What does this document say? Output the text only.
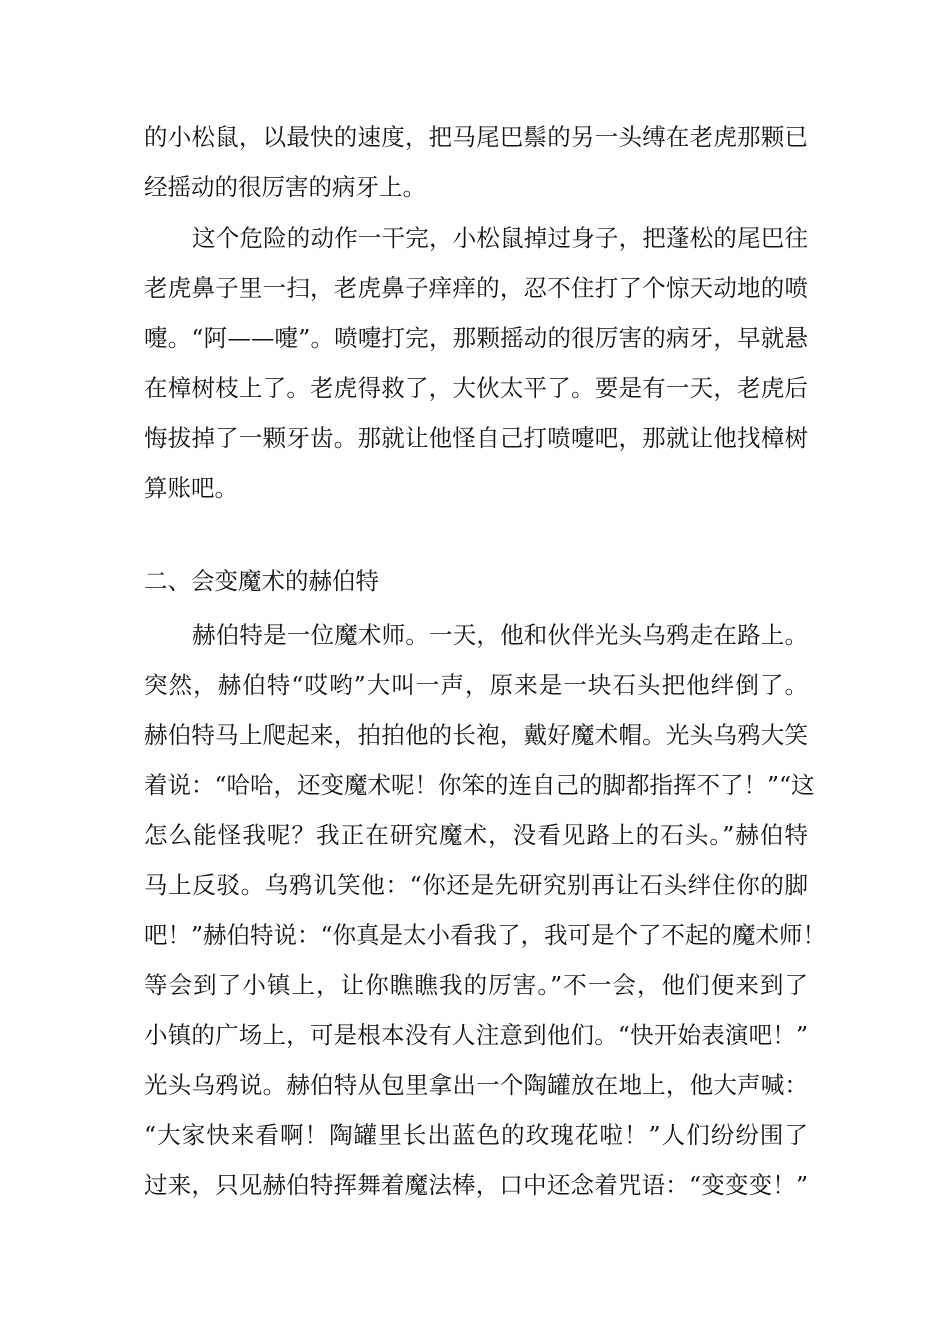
的小松鼠，以最快的速度，把马尾巴鬃的另一头缚在老虎那颗已
经摇动的很厉害的病牙上。
这个危险的动作一干完，小松鼠掉过身子，把蓬松的尾巴往
老虎鼻子里一扫，老虎鼻子痒痒的，忍不住打了个惊天动地的喷
嚏。“阿——嚏”。喷嚏打完，那颗摇动的很厉害的病牙，早就悬
在樟树枝上了。老虎得救了，大伙太平了。要是有一天，老虎后
悔拔掉了一颗牙齿。那就让他怪自己打喷嚏吧，那就让他找樟树
算账吧。
二、会变魔术的赫伯特
赫伯特是一位魔术师。一天，他和伙伴光头乌鸦走在路上。
突然，赫伯特“哎哟”大叫一声，原来是一块石头把他绊倒了。
赫伯特马上爬起来，拍拍他的长袍，戴好魔术帽。光头乌鸦大笑
着说：“哈哈，还变魔术呢！你笨的连自己的脚都指挥不了！”“这
怎么能怪我呢？我正在研究魔术，没看见路上的石头。”赫伯特
马上反驳。乌鸦讥笑他：“你还是先研究别再让石头绊住你的脚
吧！”赫伯特说：“你真是太小看我了，我可是个了不起的魔术师！
等会到了小镇上，让你瞧瞧我的厉害。”不一会，他们便来到了
小镇的广场上，可是根本没有人注意到他们。“快开始表演吧！”
光头乌鸦说。赫伯特从包里拿出一个陶罐放在地上，他大声喊：
“大家快来看啊！陶罐里长出蓝色的玫瑰花啦！”人们纷纷围了
过来，只见赫伯特挥舞着魔法棒，口中还念着咒语：“变变变！”
